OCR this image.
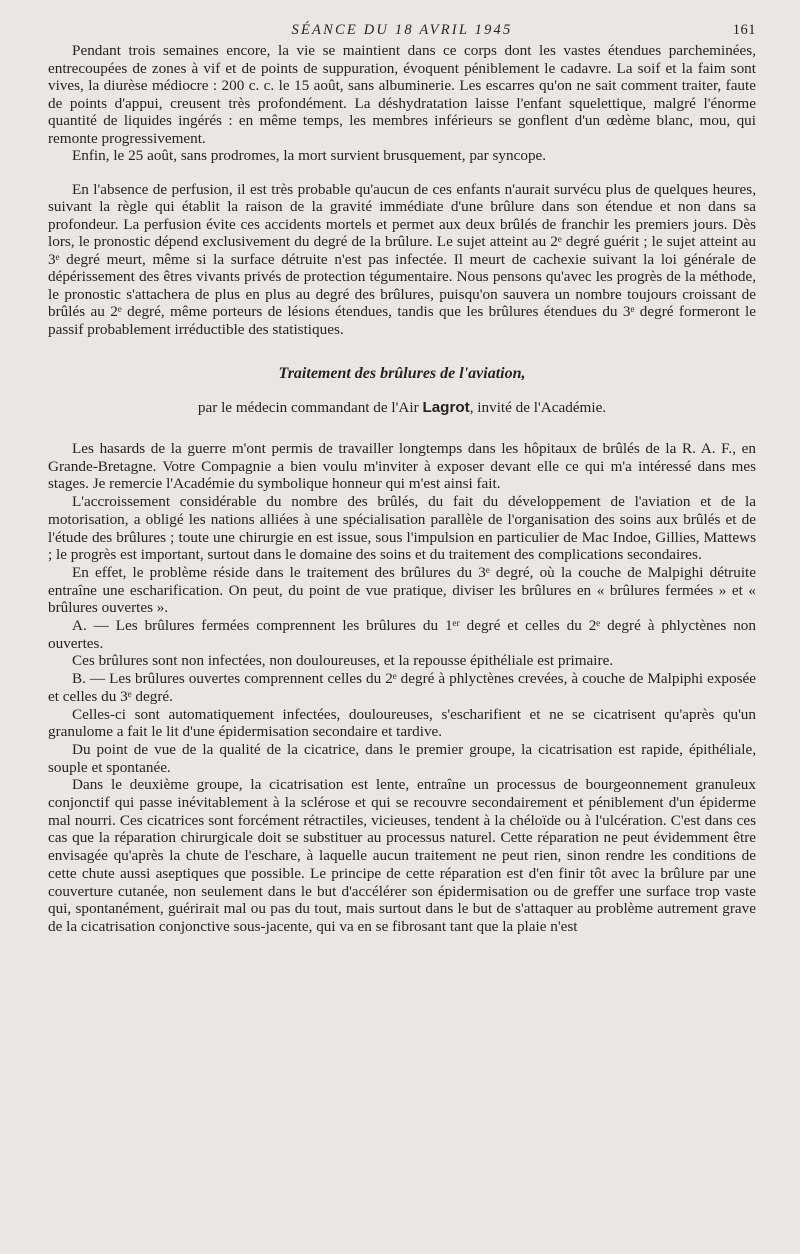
SÉANCE DU 18 AVRIL 1945	161

Pendant trois semaines encore, la vie se maintient dans ce corps dont les vastes étendues parcheminées, entrecoupées de zones à vif et de points de suppuration, évoquent péniblement le cadavre. La soif et la faim sont vives, la diurèse médiocre : 200 c. c. le 15 août, sans albuminerie. Les escarres qu'on ne sait comment traiter, faute de points d'appui, creusent très profondément. La déshydratation laisse l'enfant squelettique, malgré l'énorme quantité de liquides ingérés : en même temps, les membres inférieurs se gonflent d'un œdème blanc, mou, qui remonte progressivement.

Enfin, le 25 août, sans prodromes, la mort survient brusquement, par syncope.

En l'absence de perfusion, il est très probable qu'aucun de ces enfants n'aurait survécu plus de quelques heures, suivant la règle qui établit la raison de la gravité immédiate d'une brûlure dans son étendue et non dans sa profondeur. La perfusion évite ces accidents mortels et permet aux deux brûlés de franchir les premiers jours. Dès lors, le pronostic dépend exclusivement du degré de la brûlure. Le sujet atteint au 2ᵉ degré guérit ; le sujet atteint au 3ᵉ degré meurt, même si la surface détruite n'est pas infectée. Il meurt de cachexie suivant la loi générale de dépérissement des êtres vivants privés de protection tégumentaire. Nous pensons qu'avec les progrès de la méthode, le pronostic s'attachera de plus en plus au degré des brûlures, puisqu'on sauvera un nombre toujours croissant de brûlés au 2ᵉ degré, même porteurs de lésions étendues, tandis que les brûlures étendues du 3ᵉ degré formeront le passif probablement irréductible des statistiques.

Traitement des brûlures de l'aviation,
par le médecin commandant de l'Air Lagrot, invité de l'Académie.

Les hasards de la guerre m'ont permis de travailler longtemps dans les hôpitaux de brûlés de la R. A. F., en Grande-Bretagne. Votre Compagnie a bien voulu m'inviter à exposer devant elle ce qui m'a intéressé dans mes stages. Je remercie l'Académie du symbolique honneur qui m'est ainsi fait.

L'accroissement considérable du nombre des brûlés, du fait du développement de l'aviation et de la motorisation, a obligé les nations alliées à une spécialisation parallèle de l'organisation des soins aux brûlés et de l'étude des brûlures ; toute une chirurgie en est issue, sous l'impulsion en particulier de Mac Indoe, Gillies, Mattews ; le progrès est important, surtout dans le domaine des soins et du traitement des complications secondaires.

En effet, le problème réside dans le traitement des brûlures du 3ᵉ degré, où la couche de Malpighi détruite entraîne une escharification. On peut, du point de vue pratique, diviser les brûlures en « brûlures fermées » et « brûlures ouvertes ».

A. — Les brûlures fermées comprennent les brûlures du 1ᵉʳ degré et celles du 2ᵉ degré à phlyctènes non ouvertes.

Ces brûlures sont non infectées, non douloureuses, et la repousse épithéliale est primaire.

B. — Les brûlures ouvertes comprennent celles du 2ᵉ degré à phlyctènes crevées, à couche de Malpiphi exposée et celles du 3ᵉ degré.

Celles-ci sont automatiquement infectées, douloureuses, s'escharifient et ne se cicatrisent qu'après qu'un granulome a fait le lit d'une épidermisation secondaire et tardive.

Du point de vue de la qualité de la cicatrice, dans le premier groupe, la cicatrisation est rapide, épithéliale, souple et spontanée.

Dans le deuxième groupe, la cicatrisation est lente, entraîne un processus de bourgeonnement granuleux conjonctif qui passe inévitablement à la sclérose et qui se recouvre secondairement et péniblement d'un épiderme mal nourri. Ces cicatrices sont forcément rétractiles, vicieuses, tendent à la chéloïde ou à l'ulcération. C'est dans ces cas que la réparation chirurgicale doit se substituer au processus naturel. Cette réparation ne peut évidemment être envisagée qu'après la chute de l'eschare, à laquelle aucun traitement ne peut rien, sinon rendre les conditions de cette chute aussi aseptiques que possible. Le principe de cette réparation est d'en finir tôt avec la brûlure par une couverture cutanée, non seulement dans le but d'accélérer son épidermisation ou de greffer une surface trop vaste qui, spontanément, guérirait mal ou pas du tout, mais surtout dans le but de s'attaquer au problème autrement grave de la cicatrisation conjonctive sous-jacente, qui va en se fibrosant tant que la plaie n'est
